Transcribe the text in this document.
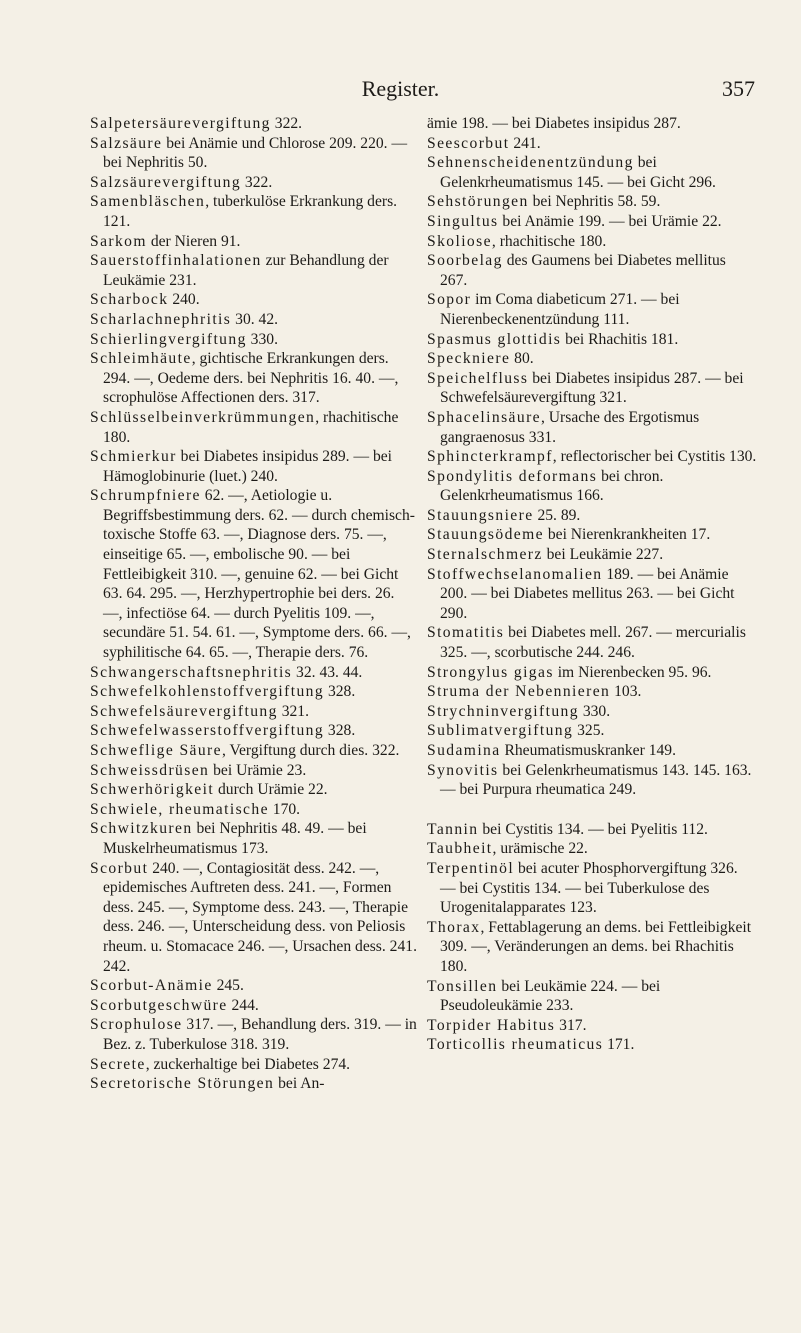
Register.	357

Salpetersäurevergiftung 322.

Salzsäure bei Anämie und Chlorose 209. 220. — bei Nephritis 50.

Salzsäurevergiftung 322.

Samenbläschen, tuberkulöse Erkrankung ders. 121.

Sarkom der Nieren 91.

Sauerstoffinhalationen zur Behandlung der Leukämie 231.

Scharbock 240.

Scharlachnephritis 30. 42.

Schierlingvergiftung 330.

Schleimhäute, gichtische Erkrankungen ders. 294. —, Oedeme ders. bei Nephritis 16. 40. —, scrophulöse Affectionen ders. 317.

Schlüsselbeinverkrümmungen, rhachitische 180.

Schmierkur bei Diabetes insipidus 289. — bei Hämoglobinurie (luet.) 240.

Schrumpfniere 62. —, Aetiologie u. Begriffsbestimmung ders. 62. — durch chemisch-toxische Stoffe 63. —, Diagnose ders. 75. —, einseitige 65. —, embolische 90. — bei Fettleibigkeit 310. —, genuine 62. — bei Gicht 63. 64. 295. —, Herzhypertrophie bei ders. 26. —, infectiöse 64. — durch Pyelitis 109. —, secundäre 51. 54. 61. —, Symptome ders. 66. —, syphilitische 64. 65. —, Therapie ders. 76.

Schwangerschaftsnephritis 32. 43. 44.

Schwefelkohlenstoffvergiftung 328.

Schwefelsäurevergiftung 321.

Schwefelwasserstoffvergiftung 328.

Schweflige Säure, Vergiftung durch dies. 322.

Schweissdrüsen bei Urämie 23.

Schwerhörigkeit durch Urämie 22.

Schwiele, rheumatische 170.

Schwitzkuren bei Nephritis 48. 49. — bei Muskelrheumatismus 173.

Scorbut 240. —, Contagiosität dess. 242. —, epidemisches Auftreten dess. 241. —, Formen dess. 245. —, Symptome dess. 243. —, Therapie dess. 246. —, Unterscheidung dess. von Peliosis rheum. u. Stomacace 246. —, Ursachen dess. 241. 242.

Scorbut-Anämie 245.

Scorbutgeschwüre 244.

Scrophulose 317. —, Behandlung ders. 319. — in Bez. z. Tuberkulose 318. 319.

Secrete, zuckerhaltige bei Diabetes 274.

Secretorische Störungen bei An-

ämie 198. — bei Diabetes insipidus 287.

Seescorbut 241.

Sehnenscheidenentzündung bei Gelenkrheumatismus 145. — bei Gicht 296.

Sehstörungen bei Nephritis 58. 59.

Singultus bei Anämie 199. — bei Urämie 22.

Skoliose, rhachitische 180.

Soorbelag des Gaumens bei Diabetes mellitus 267.

Sopor im Coma diabeticum 271. — bei Nierenbeckenentzündung 111.

Spasmus glottidis bei Rhachitis 181.

Speckniere 80.

Speichelfluss bei Diabetes insipidus 287. — bei Schwefelsäurevergiftung 321.

Sphacelinsäure, Ursache des Ergotismus gangraenosus 331.

Sphincterkrampf, reflectorischer bei Cystitis 130.

Spondylitis deformans bei chron. Gelenkrheumatismus 166.

Stauungsniere 25. 89.

Stauungsödeme bei Nierenkrankheiten 17.

Sternalschmerz bei Leukämie 227.

Stoffwechselanomalien 189. — bei Anämie 200. — bei Diabetes mellitus 263. — bei Gicht 290.

Stomatitis bei Diabetes mell. 267. — mercurialis 325. —, scorbutische 244. 246.

Strongylus gigas im Nierenbecken 95. 96.

Struma der Nebennieren 103.

Strychninvergiftung 330.

Sublimatvergiftung 325.

Sudamina Rheumatismuskranker 149.

Synovitis bei Gelenkrheumatismus 143. 145. 163. — bei Purpura rheumatica 249.

Tannin bei Cystitis 134. — bei Pyelitis 112.

Taubheit, urämische 22.

Terpentinöl bei acuter Phosphorvergiftung 326. — bei Cystitis 134. — bei Tuberkulose des Urogenitalapparates 123.

Thorax, Fettablagerung an dems. bei Fettleibigkeit 309. —, Veränderungen an dems. bei Rhachitis 180.

Tonsillen bei Leukämie 224. — bei Pseudoleukämie 233.

Torpider Habitus 317.

Torticollis rheumaticus 171.
